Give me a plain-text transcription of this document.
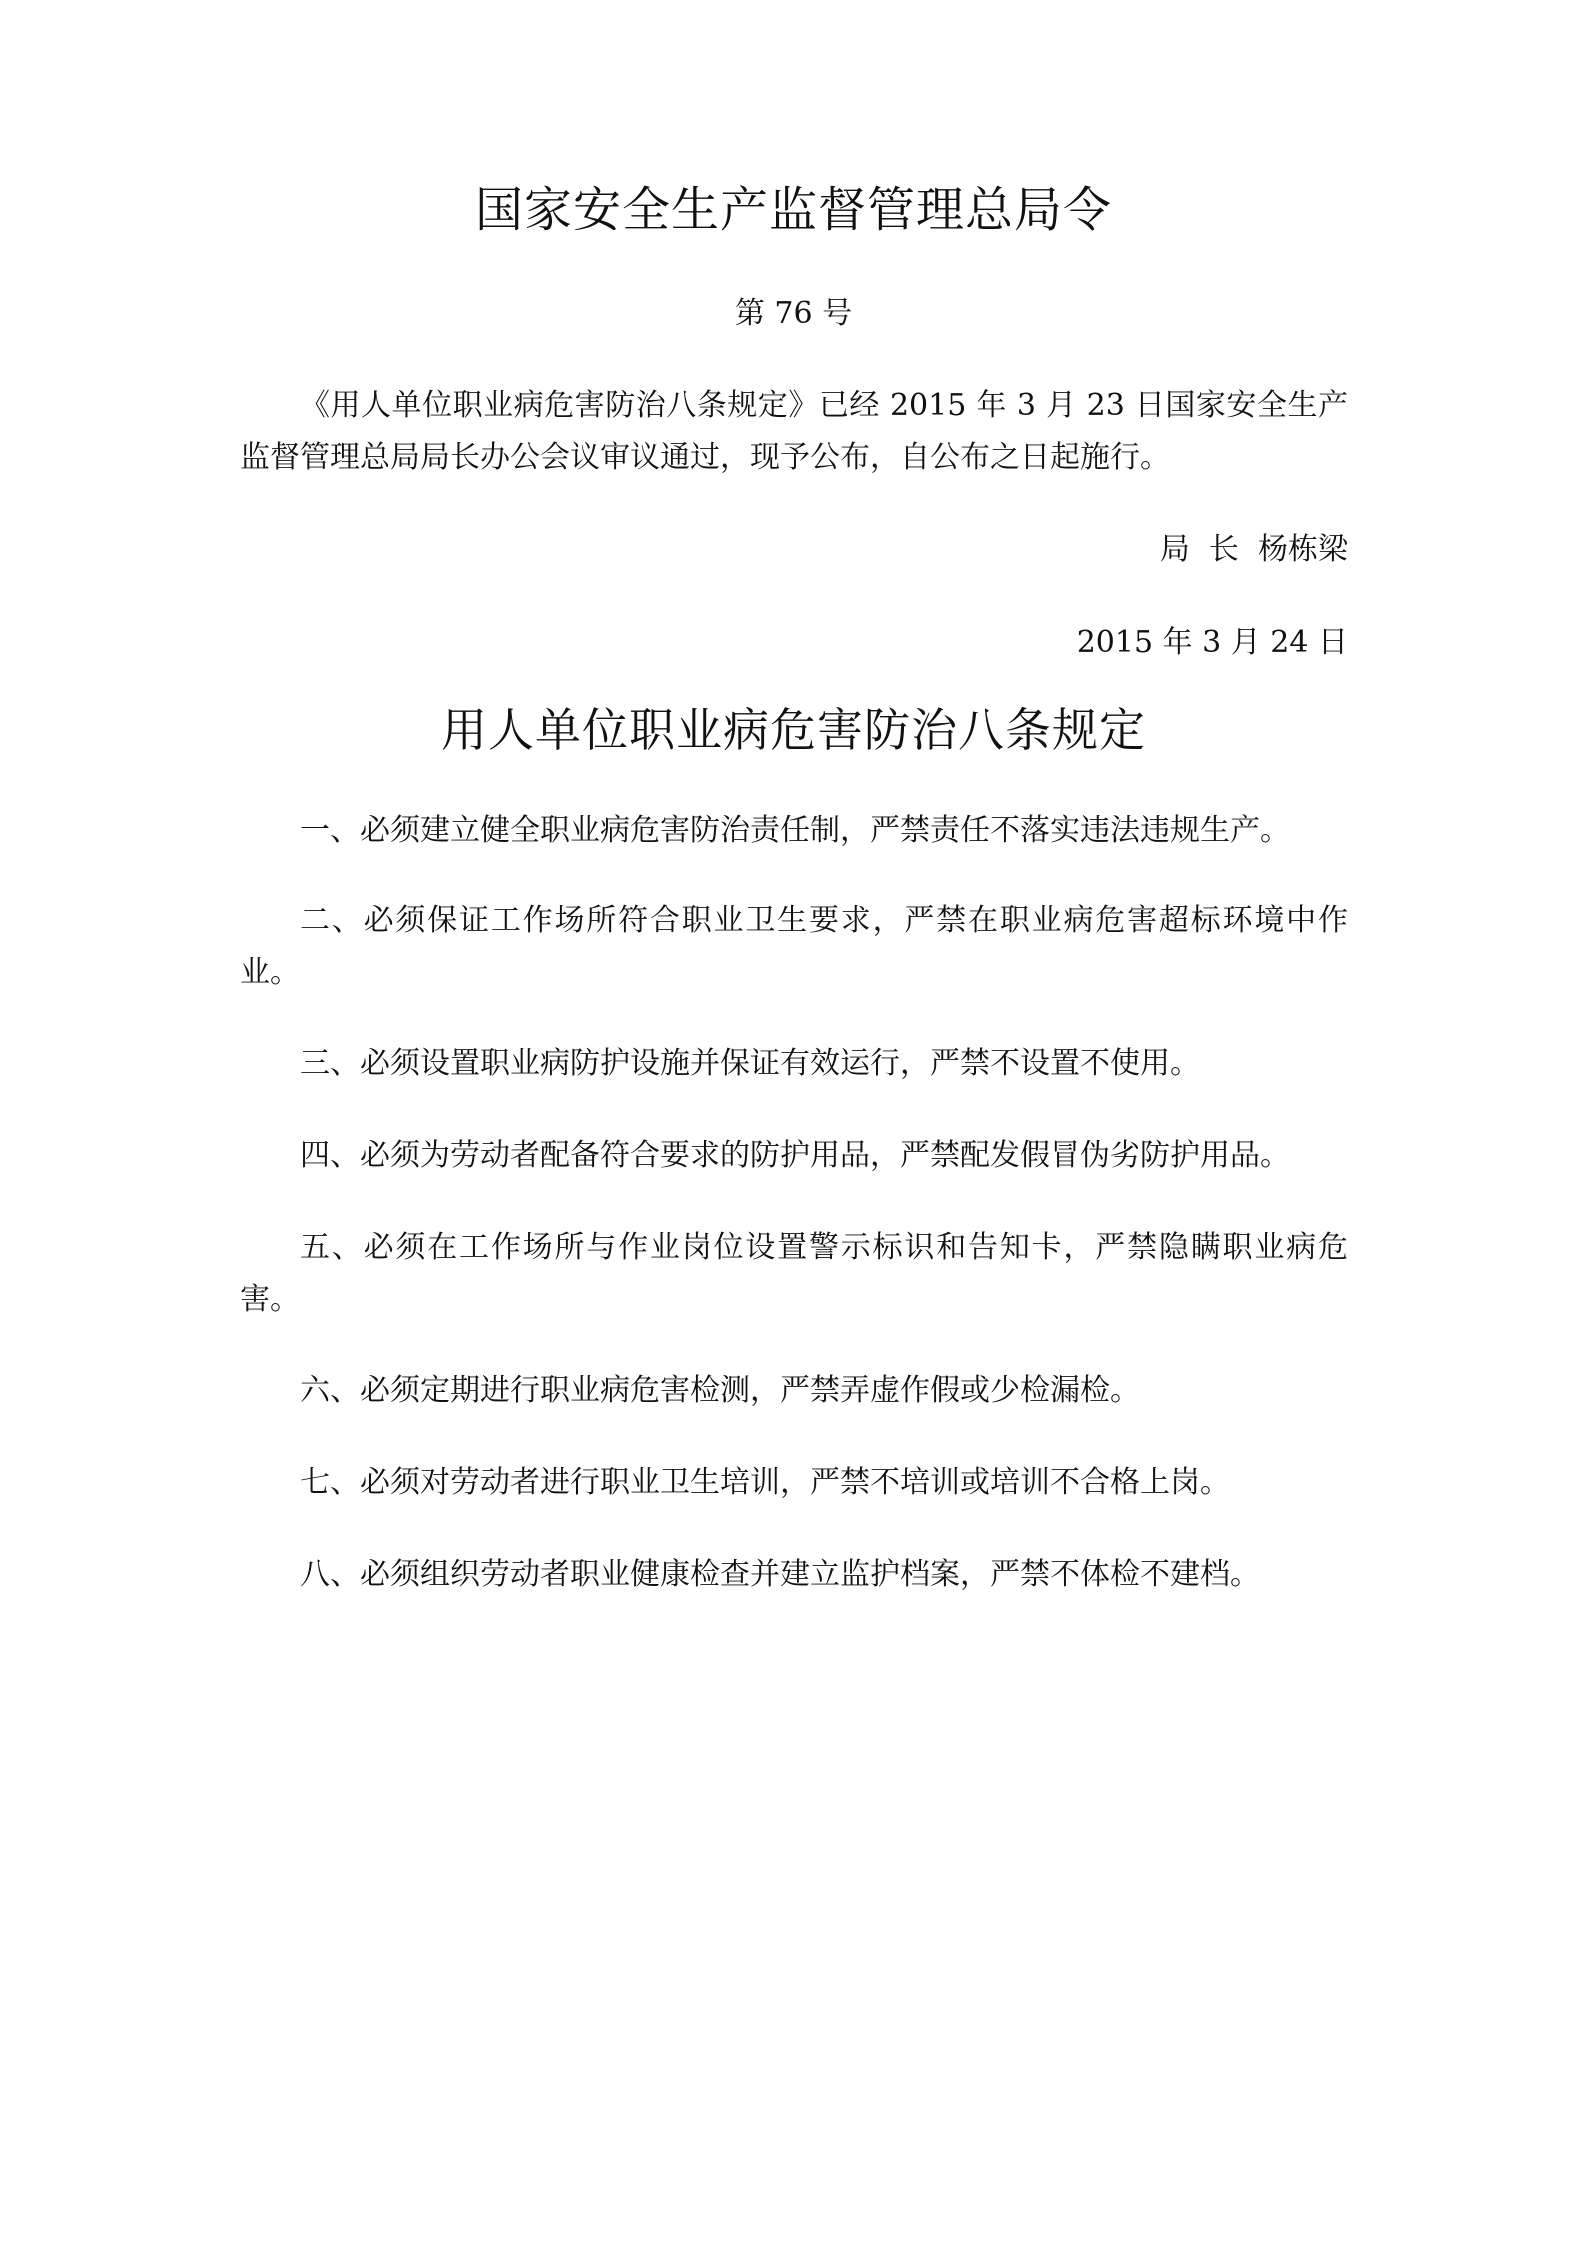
国家安全生产监督管理总局令
第 76 号
《用人单位职业病危害防治八条规定》已经 2015 年 3 月 23 日国家安全生产监督管理总局局长办公会议审议通过，现予公布，自公布之日起施行。
局  长  杨栋梁
2015 年 3 月 24 日
用人单位职业病危害防治八条规定
一、必须建立健全职业病危害防治责任制，严禁责任不落实违法违规生产。
二、必须保证工作场所符合职业卫生要求，严禁在职业病危害超标环境中作业。
三、必须设置职业病防护设施并保证有效运行，严禁不设置不使用。
四、必须为劳动者配备符合要求的防护用品，严禁配发假冒伪劣防护用品。
五、必须在工作场所与作业岗位设置警示标识和告知卡，严禁隐瞒职业病危害。
六、必须定期进行职业病危害检测，严禁弄虚作假或少检漏检。
七、必须对劳动者进行职业卫生培训，严禁不培训或培训不合格上岗。
八、必须组织劳动者职业健康检查并建立监护档案，严禁不体检不建档。
